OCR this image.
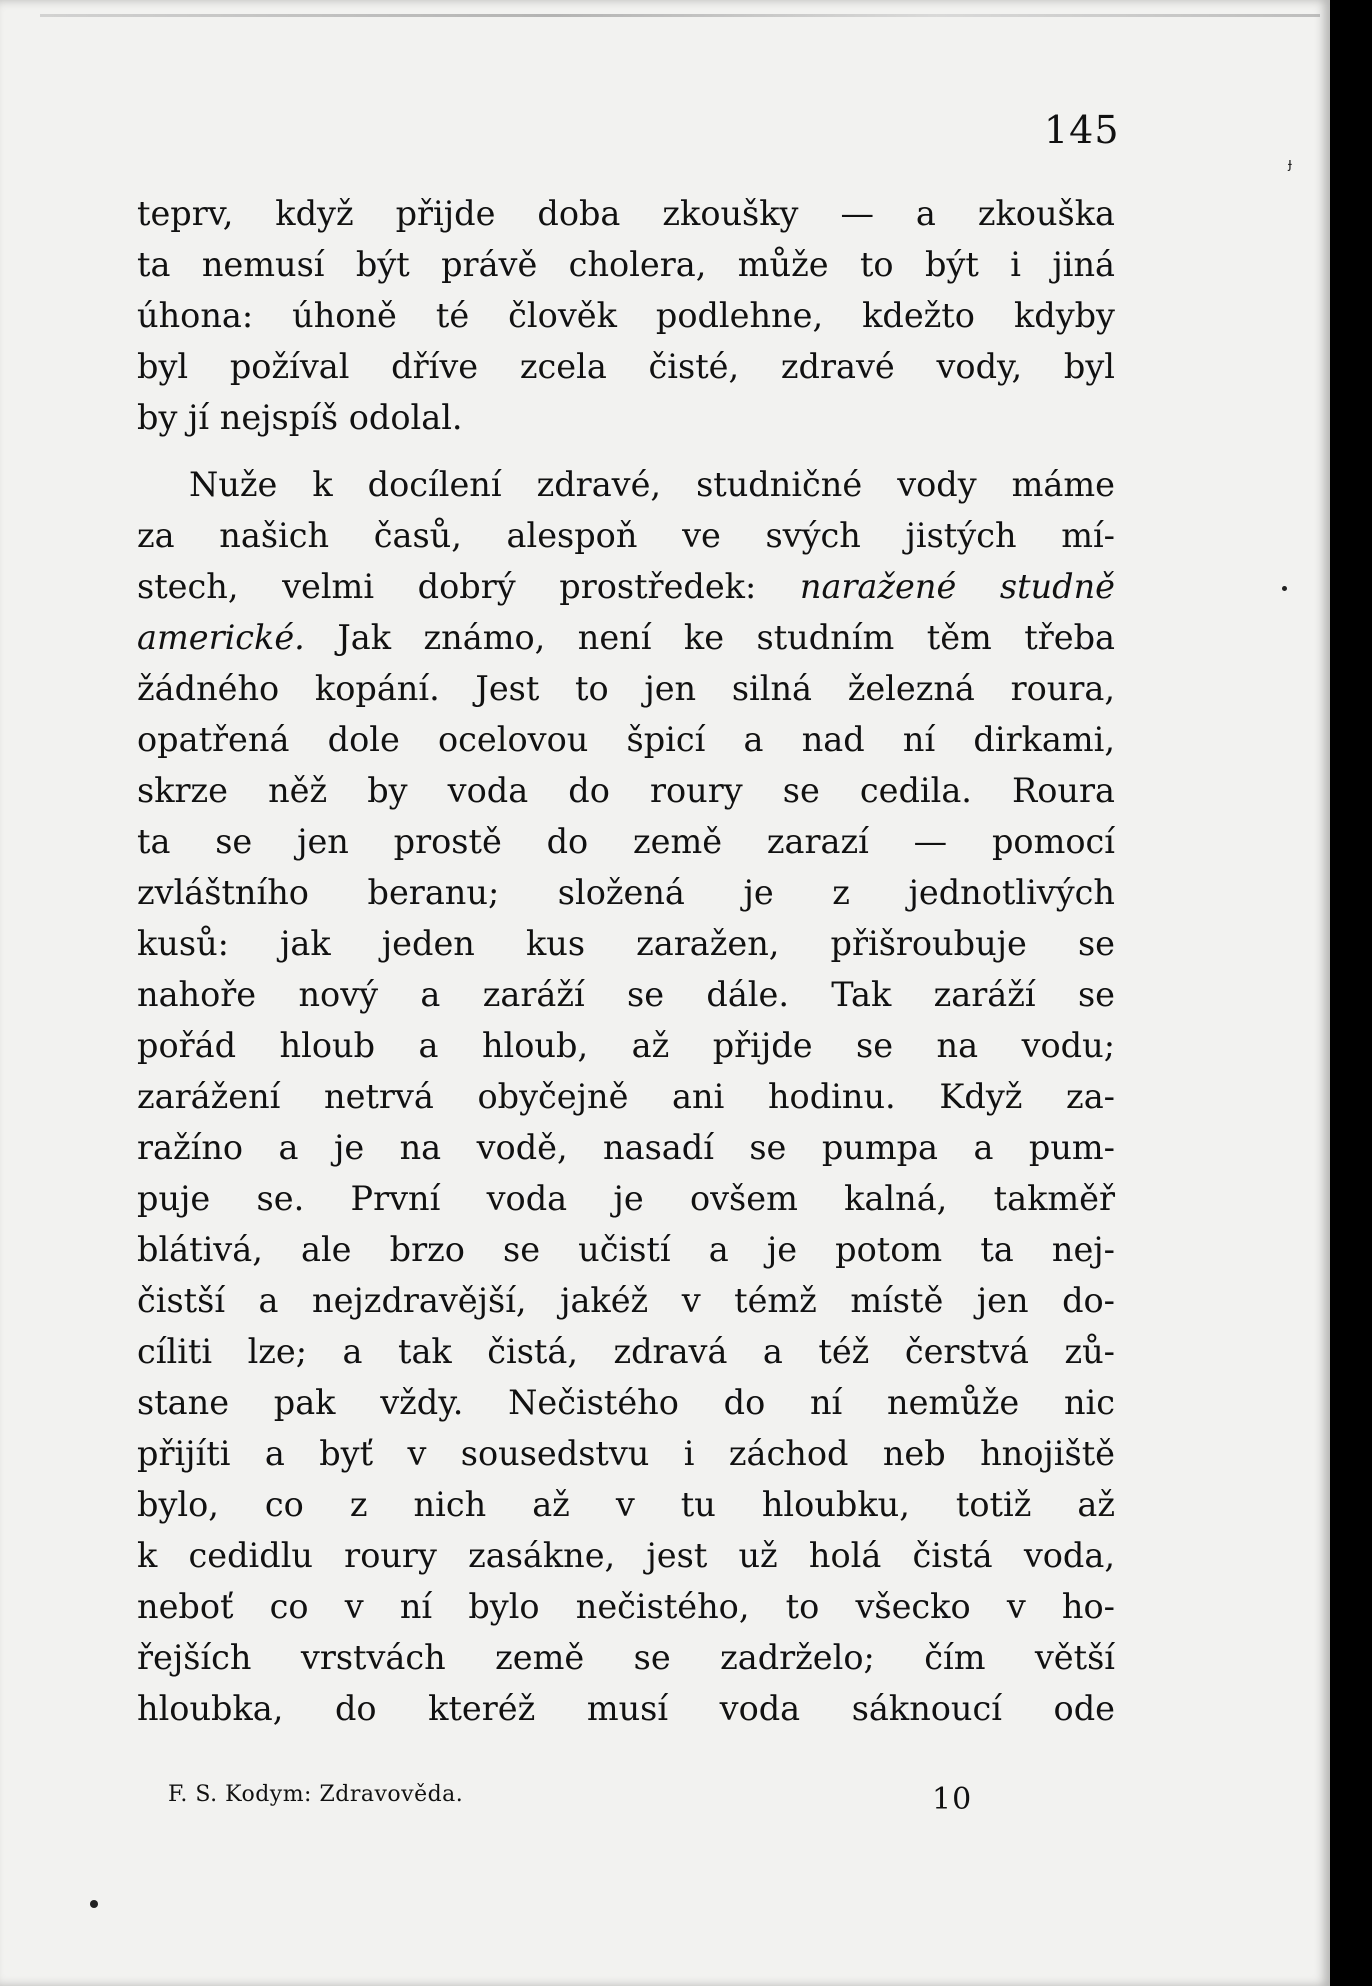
145
ɟ
teprv, když přijde doba zkoušky — a zkouška
ta nemusí být právě cholera, může to být i jiná
úhona: úhoně té člověk podlehne, kdežto kdyby
byl požíval dříve zcela čisté, zdravé vody, byl
by jí nejspíš odolal.
Nuže k docílení zdravé, studničné vody máme
za našich časů, alespoň ve svých jistých mí-
stech, velmi dobrý prostředek: naražené studně
americké. Jak známo, není ke studním těm třeba
žádného kopání. Jest to jen silná železná roura,
opatřená dole ocelovou špicí a nad ní dirkami,
skrze něž by voda do roury se cedila. Roura
ta se jen prostě do země zarazí — pomocí
zvláštního beranu; složená je z jednotlivých
kusů: jak jeden kus zaražen, přišroubuje se
nahoře nový a zaráží se dále. Tak zaráží se
pořád hloub a hloub, až přijde se na vodu;
zarážení netrvá obyčejně ani hodinu. Když za-
ražíno a je na vodě, nasadí se pumpa a pum-
puje se. První voda je ovšem kalná, takměř
blátivá, ale brzo se učistí a je potom ta nej-
čistší a nejzdravější, jakéž v témž místě jen do-
cíliti lze; a tak čistá, zdravá a též čerstvá zů-
stane pak vždy. Nečistého do ní nemůže nic
přijíti a byť v sousedstvu i záchod neb hnojiště
bylo, co z nich až v tu hloubku, totiž až
k cedidlu roury zasákne, jest už holá čistá voda,
neboť co v ní bylo nečistého, to všecko v ho-
řejších vrstvách země se zadrželo; čím větší
hloubka, do kteréž musí voda sáknoucí ode
F. S. Kodym: Zdravověda.	10
